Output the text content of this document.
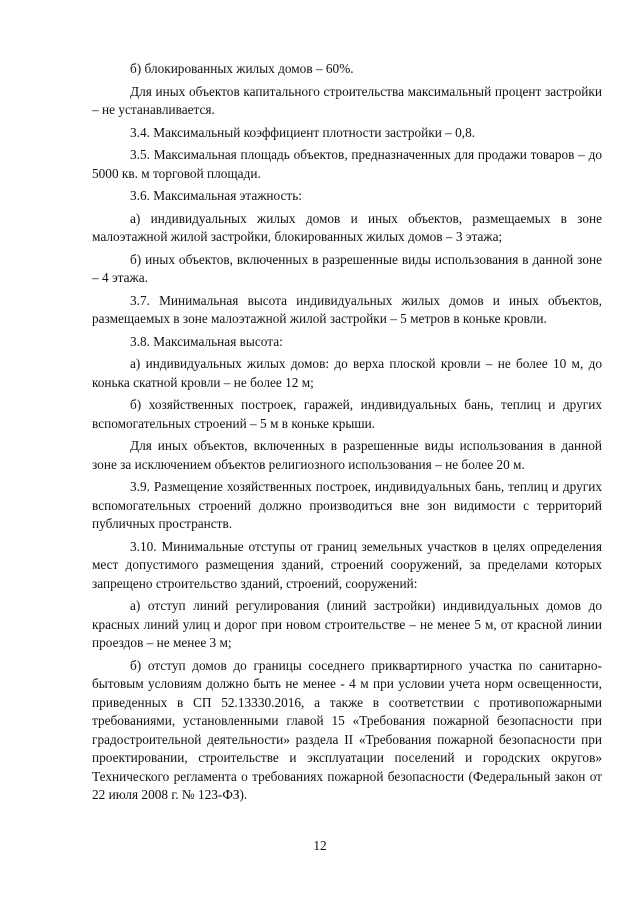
б) блокированных жилых домов – 60%.

Для иных объектов капитального строительства максимальный процент застройки – не устанавливается.

3.4. Максимальный коэффициент плотности застройки – 0,8.

3.5. Максимальная площадь объектов, предназначенных для продажи товаров – до 5000 кв. м торговой площади.

3.6. Максимальная этажность:

а) индивидуальных жилых домов и иных объектов, размещаемых в зоне малоэтажной жилой застройки, блокированных жилых домов – 3 этажа;

б) иных объектов, включенных в разрешенные виды использования в данной зоне – 4 этажа.

3.7. Минимальная высота индивидуальных жилых домов и иных объектов, размещаемых в зоне малоэтажной жилой застройки – 5 метров в коньке кровли.

3.8. Максимальная высота:

а) индивидуальных жилых домов: до верха плоской кровли – не более 10 м, до конька скатной кровли – не более 12 м;

б) хозяйственных построек, гаражей, индивидуальных бань, теплиц и других вспомогательных строений – 5 м в коньке крыши.

Для иных объектов, включенных в разрешенные виды использования в данной зоне за исключением объектов религиозного использования – не более 20 м.

3.9. Размещение хозяйственных построек, индивидуальных бань, теплиц и других вспомогательных строений должно производиться вне зон видимости с территорий публичных пространств.

3.10. Минимальные отступы от границ земельных участков в целях определения мест допустимого размещения зданий, строений сооружений, за пределами которых запрещено строительство зданий, строений, сооружений:

а) отступ линий регулирования (линий застройки) индивидуальных домов до красных линий улиц и дорог при новом строительстве – не менее 5 м, от красной линии проездов – не менее 3 м;

б) отступ домов до границы соседнего приквартирного участка по санитарно-бытовым условиям должно быть не менее - 4 м при условии учета норм освещенности, приведенных в СП 52.13330.2016, а также в соответствии с противопожарными требованиями, установленными главой 15 «Требования пожарной безопасности при градостроительной деятельности» раздела II «Требования пожарной безопасности при проектировании, строительстве и эксплуатации поселений и городских округов» Технического регламента о требованиях пожарной безопасности (Федеральный закон от 22 июля 2008 г. № 123-ФЗ).

12
